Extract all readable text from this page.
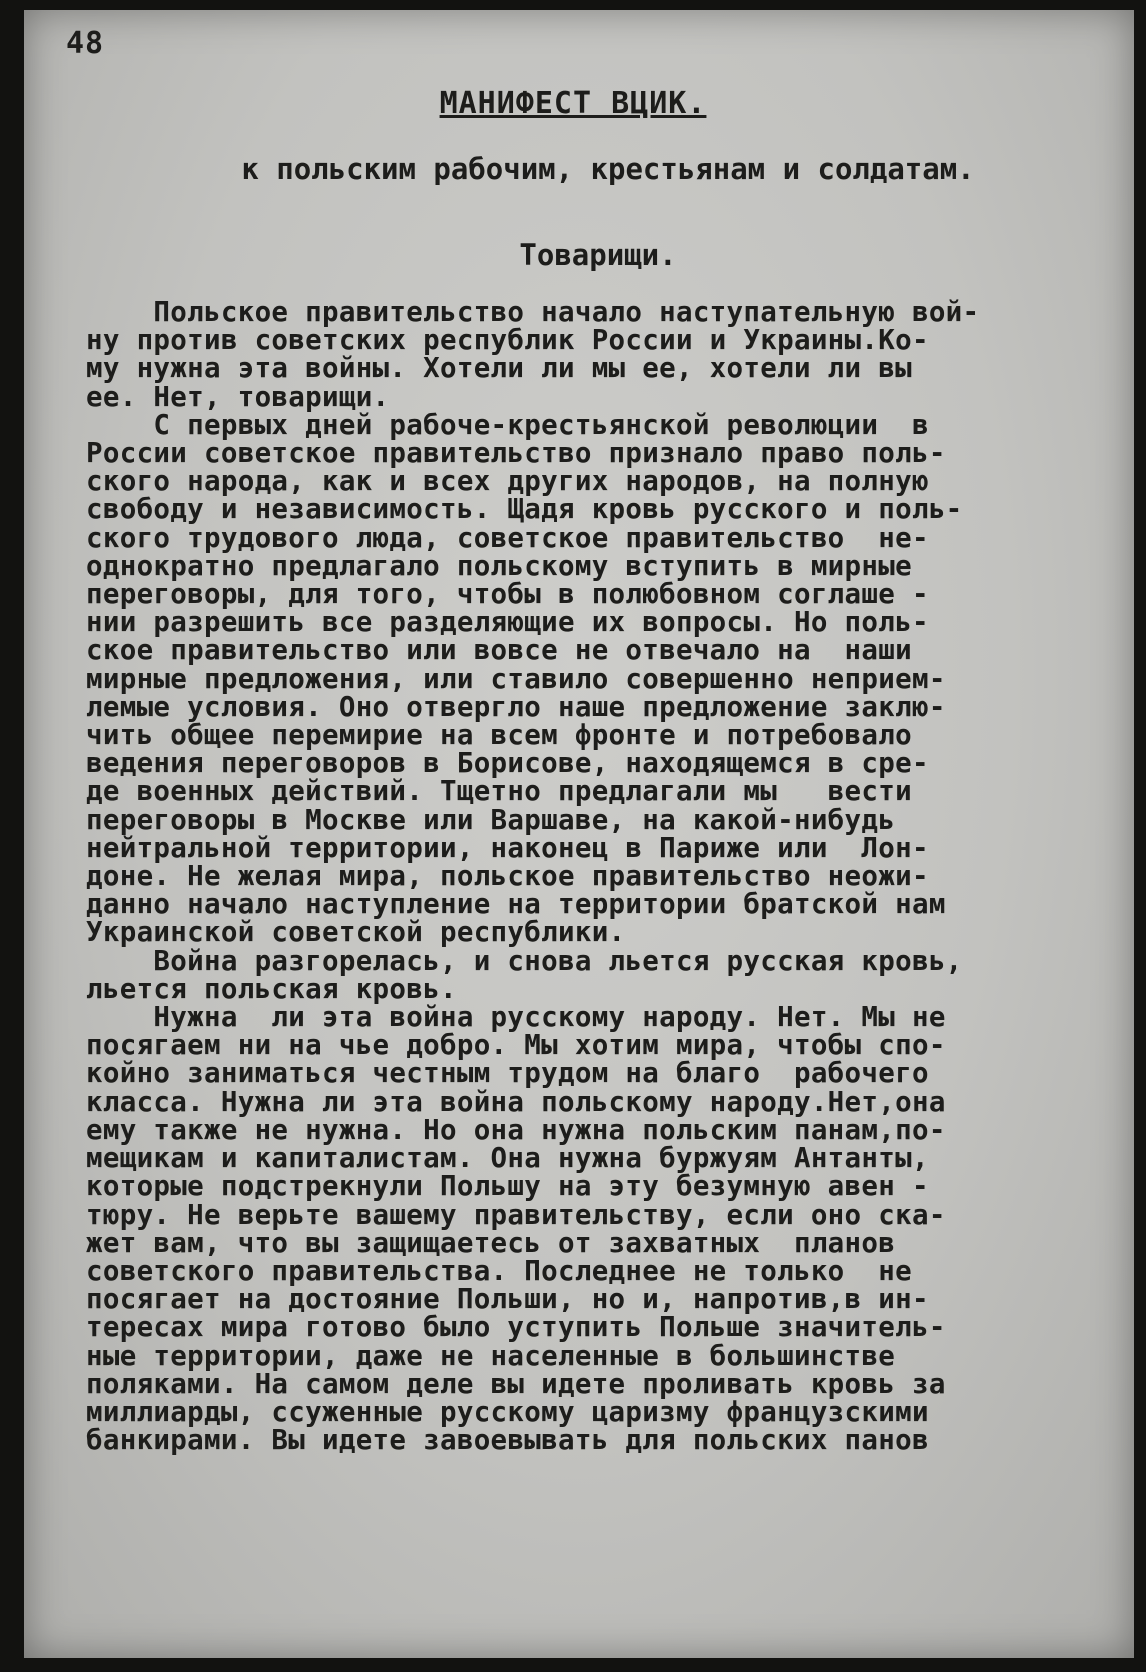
48
МАНИФЕСТ ВЦИК.
к польским рабочим, крестьянам и солдатам.
Товарищи.
Польское правительство начало наступательную вой-
ну против советских республик России и Украины.Ко-
му нужна эта войны. Хотели ли мы ее, хотели ли вы
ее. Нет, товарищи.
С первых дней рабоче-крестьянской революции  в
России советское правительство признало право поль-
ского народа, как и всех других народов, на полную
свободу и независимость. Щадя кровь русского и поль-
ского трудового люда, советское правительство  не-
однократно предлагало польскому вступить в мирные
переговоры, для того, чтобы в полюбовном соглаше -
нии разрешить все разделяющие их вопросы. Но поль-
ское правительство или вовсе не отвечало на  наши
мирные предложения, или ставило совершенно неприем-
лемые условия. Оно отвергло наше предложение заклю-
чить общее перемирие на всем фронте и потребовало
ведения переговоров в Борисове, находящемся в сре-
де военных действий. Тщетно предлагали мы   вести
переговоры в Москве или Варшаве, на какой-нибудь
нейтральной территории, наконец в Париже или  Лон-
доне. Не желая мира, польское правительство неожи-
данно начало наступление на территории братской нам
Украинской советской республики.
Война разгорелась, и снова льется русская кровь,
льется польская кровь.
Нужна  ли эта война русскому народу. Нет. Мы не
посягаем ни на чье добро. Мы хотим мира, чтобы спо-
койно заниматься честным трудом на благо  рабочего
класса. Нужна ли эта война польскому народу.Нет,она
ему также не нужна. Но она нужна польским панам,по-
мещикам и капиталистам. Она нужна буржуям Антанты,
которые подстрекнули Польшу на эту безумную авен -
тюру. Не верьте вашему правительству, если оно ска-
жет вам, что вы защищаетесь от захватных  планов
советского правительства. Последнее не только  не
посягает на достояние Польши, но и, напротив,в ин-
тересах мира готово было уступить Польше значитель-
ные территории, даже не населенные в большинстве
поляками. На самом деле вы идете проливать кровь за
миллиарды, ссуженные русскому царизму французскими
банкирами. Вы идете завоевывать для польских панов
